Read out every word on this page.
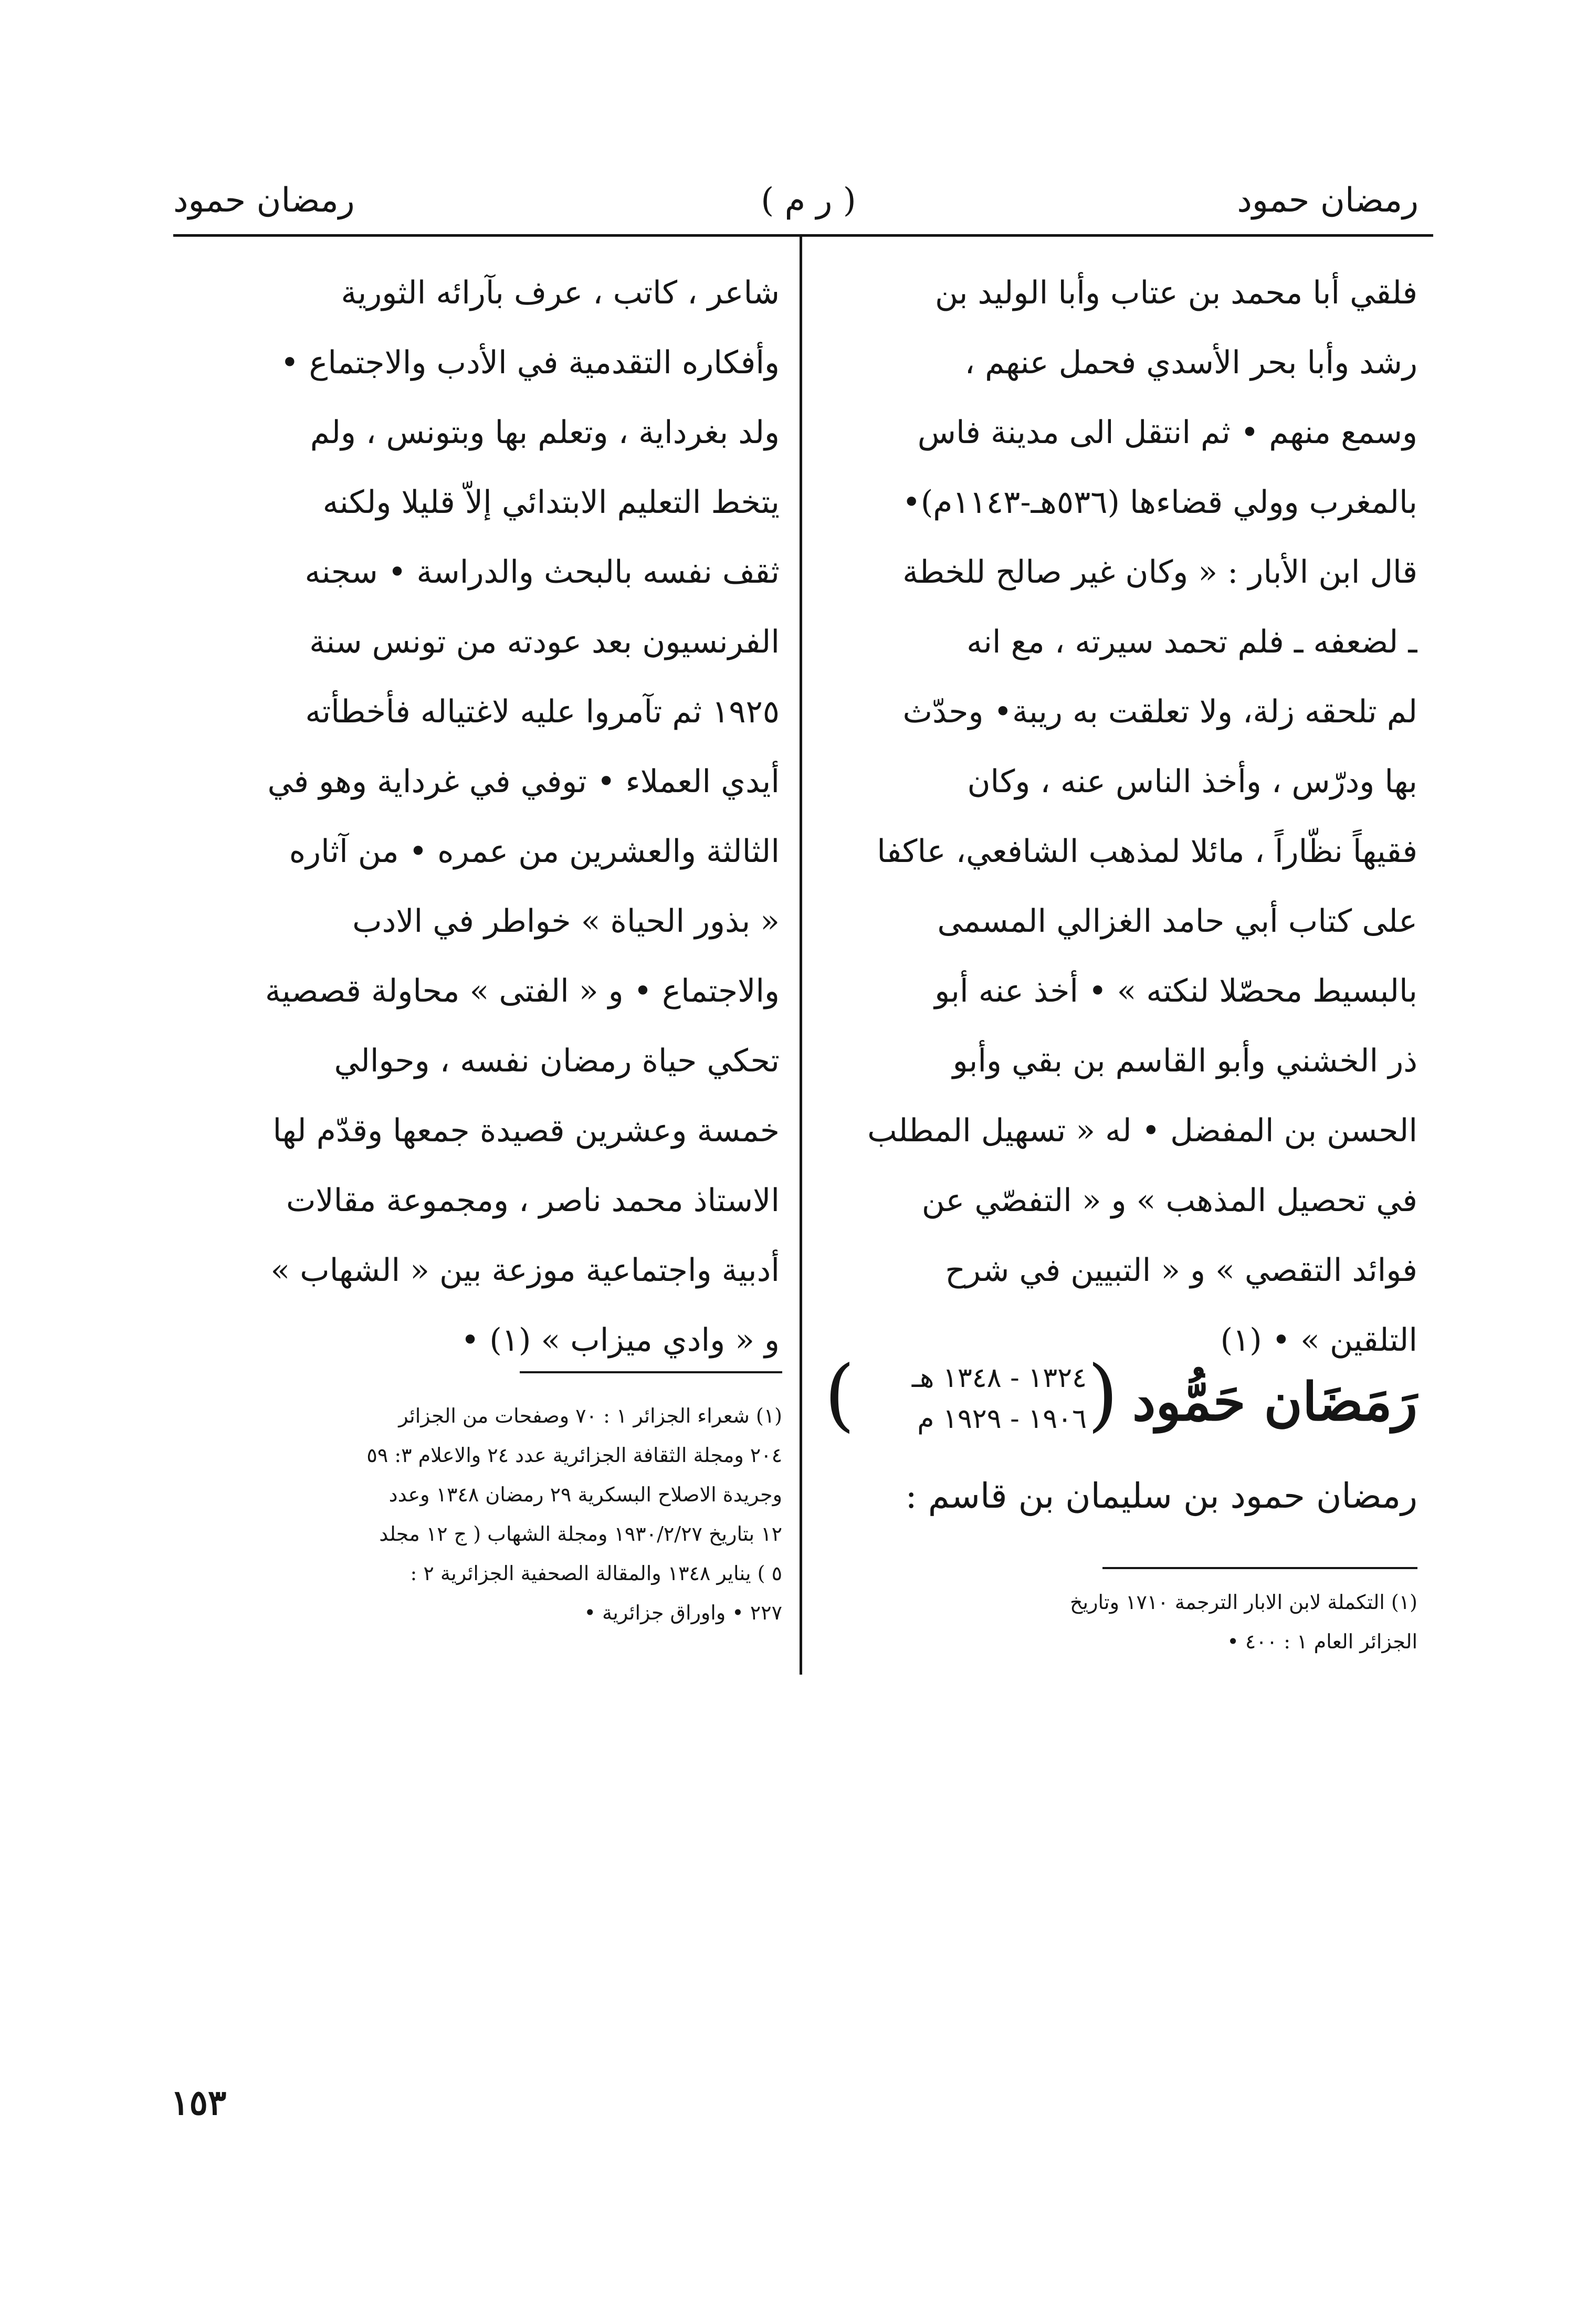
رمضان حمود
( ر م )
رمضان حمود
فلقي أبا محمد بن عتاب وأبا الوليد بن
رشد وأبا بحر الأسدي فحمل عنهم ،
وسمع منهم • ثم انتقل الى مدينة فاس
بالمغرب وولي قضاءها (٥٣٦هـ-١١٤٣م)•
قال ابن الأبار : « وكان غير صالح للخطة
ـ لضعفه ـ فلم تحمد سيرته ، مع انه
لم تلحقه زلة، ولا تعلقت به ريبة• وحدّث
بها ودرّس ، وأخذ الناس عنه ، وكان
فقيهاً نظّاراً ، مائلا لمذهب الشافعي، عاكفا
على كتاب أبي حامد الغزالي المسمى
بالبسيط محصّلا لنكته » • أخذ عنه أبو
ذر الخشني وأبو القاسم بن بقي وأبو
الحسن بن المفضل • له « تسهيل المطلب
في تحصيل المذهب » و « التفصّي عن
فوائد التقصي » و « التبيين في شرح
التلقين » • (١)
شاعر ، كاتب ، عرف بآرائه الثورية
وأفكاره التقدمية في الأدب والاجتماع •
ولد بغرداية ، وتعلم بها وبتونس ، ولم
يتخط التعليم الابتدائي إلاّ قليلا ولكنه
ثقف نفسه بالبحث والدراسة • سجنه
الفرنسيون بعد عودته من تونس سنة
١٩٢٥ ثم تآمروا عليه لاغتياله فأخطأته
أيدي العملاء • توفي في غرداية وهو في
الثالثة والعشرين من عمره • من آثاره
« بذور الحياة » خواطر في الادب
والاجتماع • و « الفتى » محاولة قصصية
تحكي حياة رمضان نفسه ، وحوالي
خمسة وعشرين قصيدة جمعها وقدّم لها
الاستاذ محمد ناصر ، ومجموعة مقالات
أدبية واجتماعية موزعة بين « الشهاب »
و « وادي ميزاب » (١) •
(١) شعراء الجزائر ١ : ٧٠ وصفحات من الجزائر
٢٠٤ ومجلة الثقافة الجزائرية عدد ٢٤ والاعلام ٣: ٥٩
وجريدة الاصلاح البسكرية ٢٩ رمضان ١٣٤٨ وعدد
١٢ بتاريخ ١٩٣٠/٢/٢٧ ومجلة الشهاب ( ج ١٢ مجلد
٥ ) يناير ١٣٤٨ والمقالة الصحفية الجزائرية ٢ :
٢٢٧ • واوراق جزائرية •
رَمَضَان حَمُّود
(
١٣٢٤ - ١٣٤٨ هـ
١٩٠٦ - ١٩٢٩ م
)
رمضان حمود بن سليمان بن قاسم :
(١) التكملة لابن الابار الترجمة ١٧١٠ وتاريخ
الجزائر العام ١ : ٤٠٠ •
١٥٣
